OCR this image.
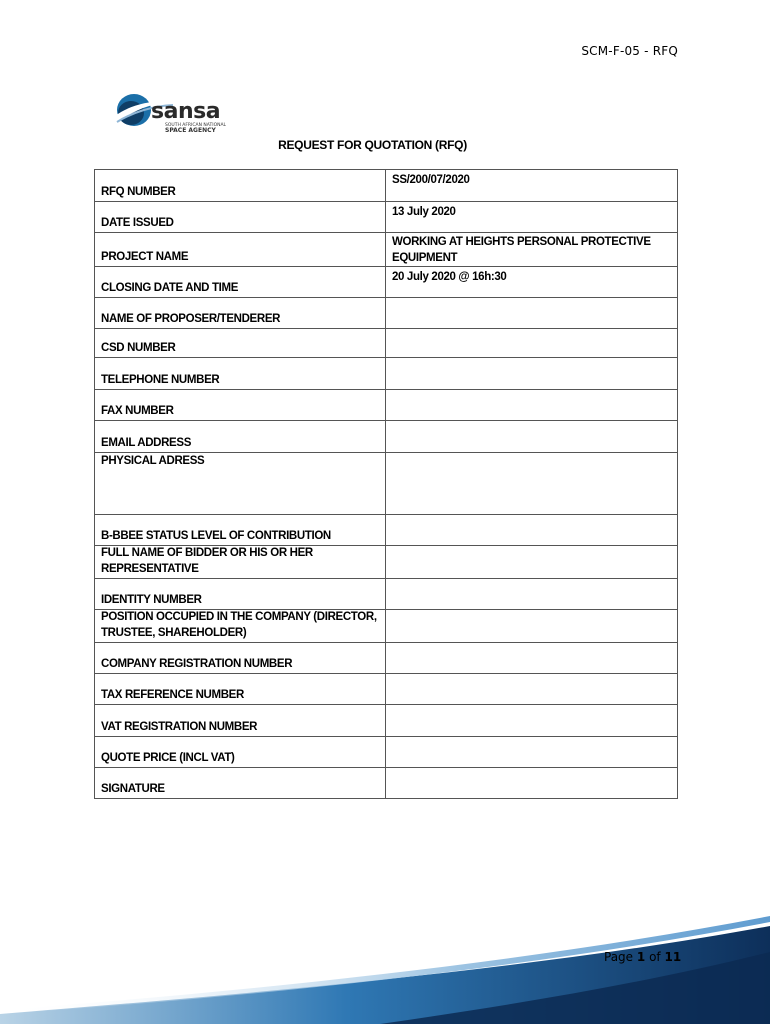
SCM-F-05 - RFQ
sansa
SOUTH AFRICAN NATIONAL
SPACE AGENCY
REQUEST FOR QUOTATION (RFQ)
RFQ NUMBER	SS/200/07/2020
DATE ISSUED	13 July 2020
PROJECT NAME	WORKING AT HEIGHTS PERSONAL PROTECTIVE EQUIPMENT
CLOSING DATE AND TIME	20 July 2020 @ 16h:30
NAME OF PROPOSER/TENDERER	
CSD NUMBER	
TELEPHONE NUMBER	
FAX NUMBER	
EMAIL ADDRESS	
PHYSICAL ADRESS	
B-BBEE STATUS LEVEL OF CONTRIBUTION	
FULL NAME OF BIDDER OR HIS OR HER REPRESENTATIVE	
IDENTITY NUMBER	
POSITION OCCUPIED IN THE COMPANY (DIRECTOR, TRUSTEE, SHAREHOLDER)	
COMPANY REGISTRATION NUMBER	
TAX REFERENCE NUMBER	
VAT REGISTRATION NUMBER	
QUOTE PRICE (INCL VAT)	
SIGNATURE	
Page 1 of 11
